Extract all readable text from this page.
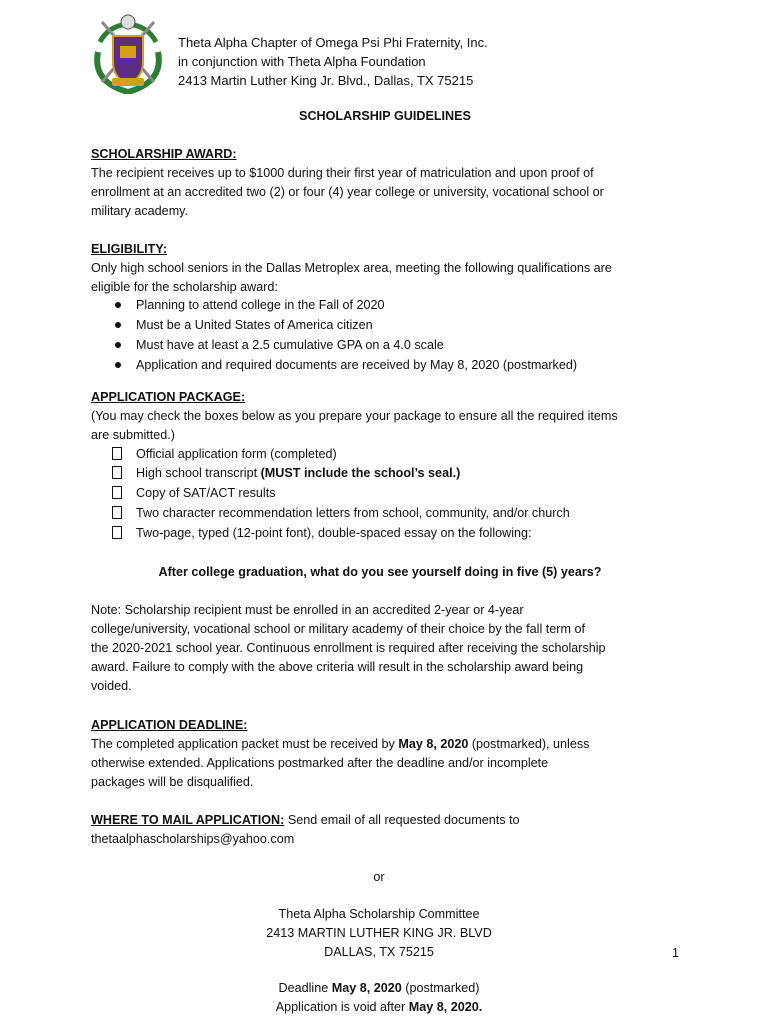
Theta Alpha Chapter of Omega Psi Phi Fraternity, Inc.
in conjunction with Theta Alpha Foundation
2413 Martin Luther King Jr. Blvd., Dallas, TX 75215
SCHOLARSHIP GUIDELINES
SCHOLARSHIP AWARD:
The recipient receives up to $1000 during their first year of matriculation and upon proof of
enrollment at an accredited two (2) or four (4) year college or university, vocational school or
military academy.
ELIGIBILITY:
Only high school seniors in the Dallas Metroplex area, meeting the following qualifications are
eligible for the scholarship award:
Planning to attend college in the Fall of 2020
Must be a United States of America citizen
Must have at least a 2.5 cumulative GPA on a 4.0 scale
Application and required documents are received by May 8, 2020 (postmarked)
APPLICATION PACKAGE:
(You may check the boxes below as you prepare your package to ensure all the required items
are submitted.)
Official application form (completed)
High school transcript (MUST include the school’s seal.)
Copy of SAT/ACT results
Two character recommendation letters from school, community, and/or church
Two-page, typed (12-point font), double-spaced essay on the following:
After college graduation, what do you see yourself doing in five (5) years?
Note: Scholarship recipient must be enrolled in an accredited 2-year or 4-year
college/university, vocational school or military academy of their choice by the fall term of
the 2020-2021 school year. Continuous enrollment is required after receiving the scholarship
award. Failure to comply with the above criteria will result in the scholarship award being
voided.
APPLICATION DEADLINE:
The completed application packet must be received by May 8, 2020 (postmarked), unless
otherwise extended. Applications postmarked after the deadline and/or incomplete
packages will be disqualified.
WHERE TO MAIL APPLICATION: Send email of all requested documents to
thetaalphascholarships@yahoo.com
or
Theta Alpha Scholarship Committee
2413 MARTIN LUTHER KING JR. BLVD
DALLAS, TX 75215	1
Deadline May 8, 2020 (postmarked)
Application is void after May 8, 2020.
